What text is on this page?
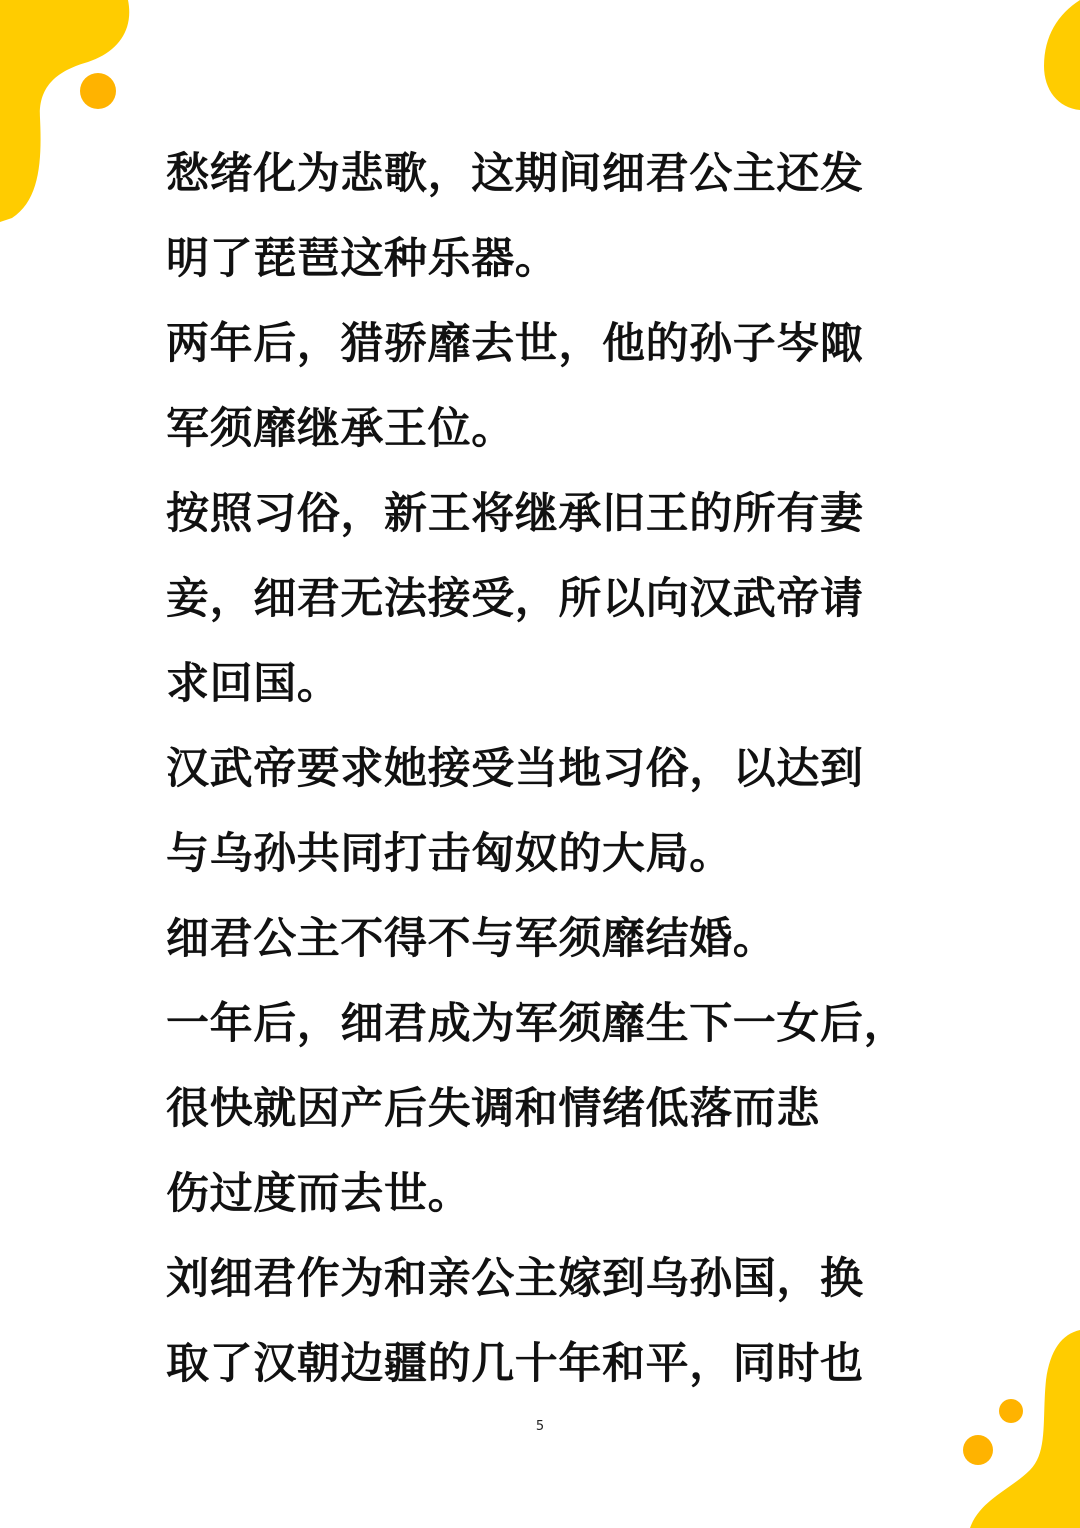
愁绪化为悲歌，这期间细君公主还发
明了琵琶这种乐器。
两年后，猎骄靡去世，他的孙子岑陬
军须靡继承王位。
按照习俗，新王将继承旧王的所有妻
妾，细君无法接受，所以向汉武帝请
求回国。
汉武帝要求她接受当地习俗，以达到
与乌孙共同打击匈奴的大局。
细君公主不得不与军须靡结婚。
一年后，细君成为军须靡生下一女后，
很快就因产后失调和情绪低落而悲
伤过度而去世。
刘细君作为和亲公主嫁到乌孙国，换
取了汉朝边疆的几十年和平，同时也
5
